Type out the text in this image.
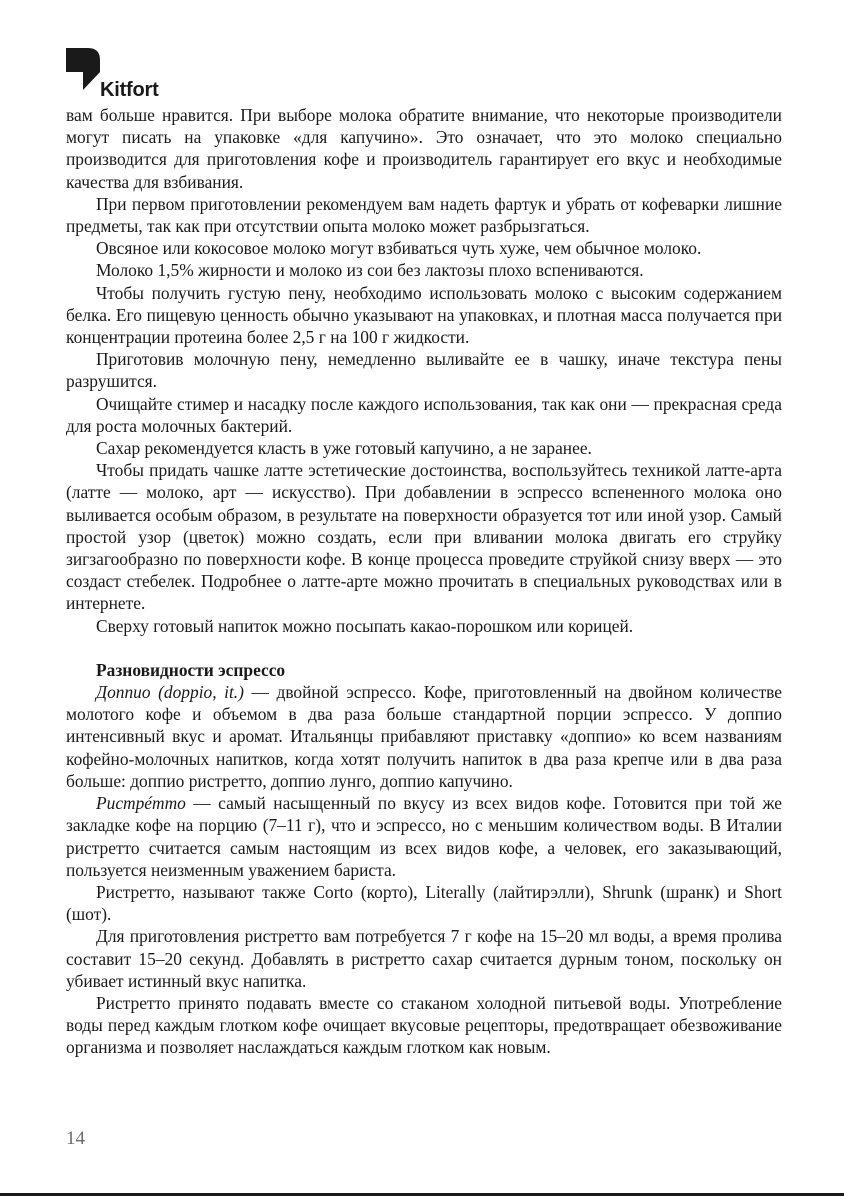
Kitfort

вам больше нравится. При выборе молока обратите внимание, что некоторые производители могут писать на упаковке «для капучино». Это означает, что это молоко специально производится для приготовления кофе и производитель гарантирует его вкус и необходимые качества для взбивания.

При первом приготовлении рекомендуем вам надеть фартук и убрать от кофеварки лишние предметы, так как при отсутствии опыта молоко может разбрызгаться.

Овсяное или кокосовое молоко могут взбиваться чуть хуже, чем обычное молоко.

Молоко 1,5% жирности и молоко из сои без лактозы плохо вспениваются.

Чтобы получить густую пену, необходимо использовать молоко с высоким содержанием белка. Его пищевую ценность обычно указывают на упаковках, и плотная масса получается при концентрации протеина более 2,5 г на 100 г жидкости.

Приготовив молочную пену, немедленно выливайте ее в чашку, иначе текстура пены разрушится.

Очищайте стимер и насадку после каждого использования, так как они — прекрасная среда для роста молочных бактерий.

Сахар рекомендуется класть в уже готовый капучино, а не заранее.

Чтобы придать чашке латте эстетические достоинства, воспользуйтесь техникой латте-арта (латте — молоко, арт — искусство). При добавлении в эспрессо вспененного молока оно выливается особым образом, в результате на поверхности образуется тот или иной узор. Самый простой узор (цветок) можно создать, если при вливании молока двигать его струйку зигзагообразно по поверхности кофе. В конце процесса проведите струйкой снизу вверх — это создаст стебелек. Подробнее о латте-арте можно прочитать в специальных руководствах или в интернете.

Сверху готовый напиток можно посыпать какао-порошком или корицей.

Разновидности эспрессо

Доппио (doppio, it.) — двойной эспрессо. Кофе, приготовленный на двойном количестве молотого кофе и объемом в два раза больше стандартной порции эспрессо. У доппио интенсивный вкус и аромат. Итальянцы прибавляют приставку «доппио» ко всем названиям кофейно-молочных напитков, когда хотят получить напиток в два раза крепче или в два раза больше: доппио ристретто, доппио лунго, доппио капучино.

Ристрéтто — самый насыщенный по вкусу из всех видов кофе. Готовится при той же закладке кофе на порцию (7–11 г), что и эспрессо, но с меньшим количеством воды. В Италии ристретто считается самым настоящим из всех видов кофе, а человек, его заказывающий, пользуется неизменным уважением бариста.

Ристретто, называют также Corto (корто), Literally (лайтирэлли), Shrunk (шранк) и Short (шот).

Для приготовления ристретто вам потребуется 7 г кофе на 15–20 мл воды, а время пролива составит 15–20 секунд. Добавлять в ристретто сахар считается дурным тоном, поскольку он убивает истинный вкус напитка.

Ристретто принято подавать вместе со стаканом холодной питьевой воды. Употребление воды перед каждым глотком кофе очищает вкусовые рецепторы, предотвращает обезвоживание организма и позволяет наслаждаться каждым глотком как новым.

14
